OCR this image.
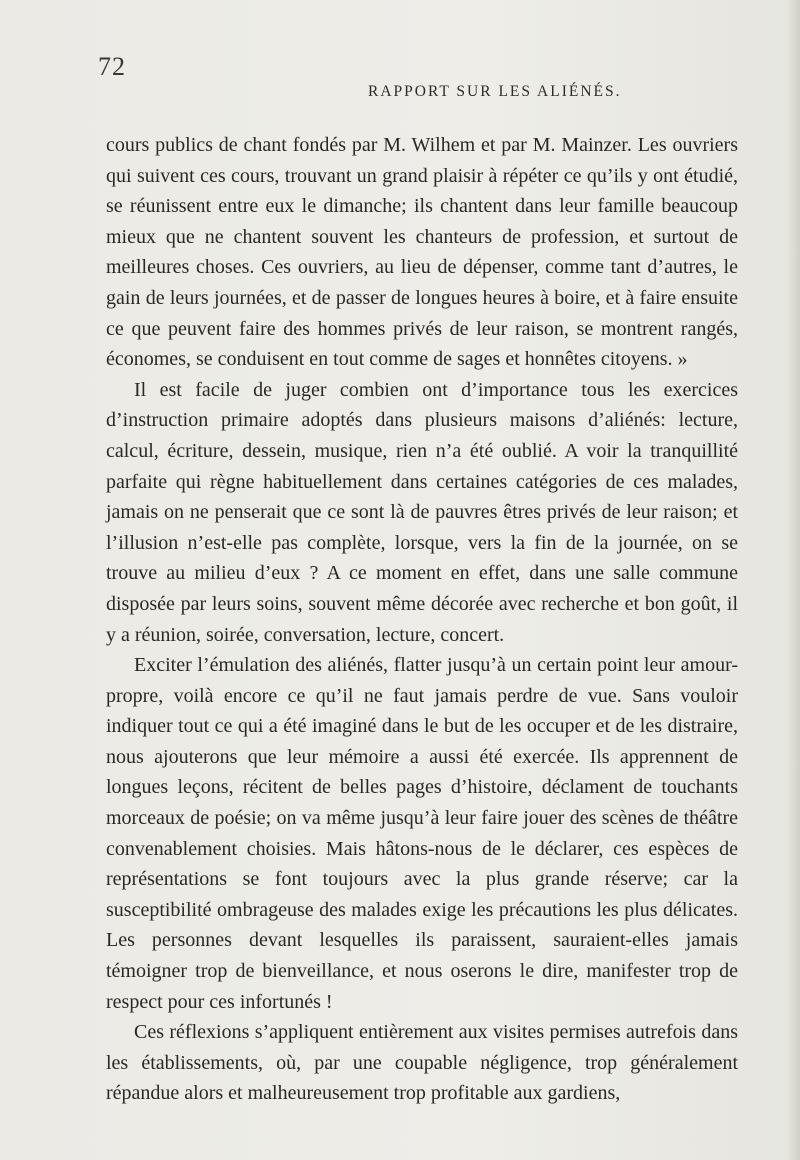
72
RAPPORT SUR LES ALIÉNÉS.

cours publics de chant fondés par M. Wilhem et par M. Mainzer. Les ouvriers qui suivent ces cours, trouvant un grand plaisir à répéter ce qu’ils y ont étudié, se réunissent entre eux le dimanche; ils chantent dans leur famille beaucoup mieux que ne chantent souvent les chanteurs de profession, et surtout de meilleures choses. Ces ouvriers, au lieu de dépenser, comme tant d’autres, le gain de leurs journées, et de passer de longues heures à boire, et à faire ensuite ce que peuvent faire des hommes privés de leur raison, se montrent rangés, économes, se conduisent en tout comme de sages et honnêtes citoyens. »

Il est facile de juger combien ont d’importance tous les exercices d’instruction primaire adoptés dans plusieurs maisons d’aliénés: lecture, calcul, écriture, dessein, musique, rien n’a été oublié. A voir la tranquillité parfaite qui règne habituellement dans certaines catégories de ces malades, jamais on ne penserait que ce sont là de pauvres êtres privés de leur raison; et l’illusion n’est-elle pas complète, lorsque, vers la fin de la journée, on se trouve au milieu d’eux ? A ce moment en effet, dans une salle commune disposée par leurs soins, souvent même décorée avec recherche et bon goût, il y a réunion, soirée, conversation, lecture, concert.

Exciter l’émulation des aliénés, flatter jusqu’à un certain point leur amour-propre, voilà encore ce qu’il ne faut jamais perdre de vue. Sans vouloir indiquer tout ce qui a été imaginé dans le but de les occuper et de les distraire, nous ajouterons que leur mémoire a aussi été exercée. Ils apprennent de longues leçons, récitent de belles pages d’histoire, déclament de touchants morceaux de poésie; on va même jusqu’à leur faire jouer des scènes de théâtre convenablement choisies. Mais hâtons-nous de le déclarer, ces espèces de représentations se font toujours avec la plus grande réserve; car la susceptibilité ombrageuse des malades exige les précautions les plus délicates. Les personnes devant lesquelles ils paraissent, sauraient-elles jamais témoigner trop de bienveillance, et nous oserons le dire, manifester trop de respect pour ces infortunés !

Ces réflexions s’appliquent entièrement aux visites permises autrefois dans les établissements, où, par une coupable négligence, trop généralement répandue alors et malheureusement trop profitable aux gardiens,
